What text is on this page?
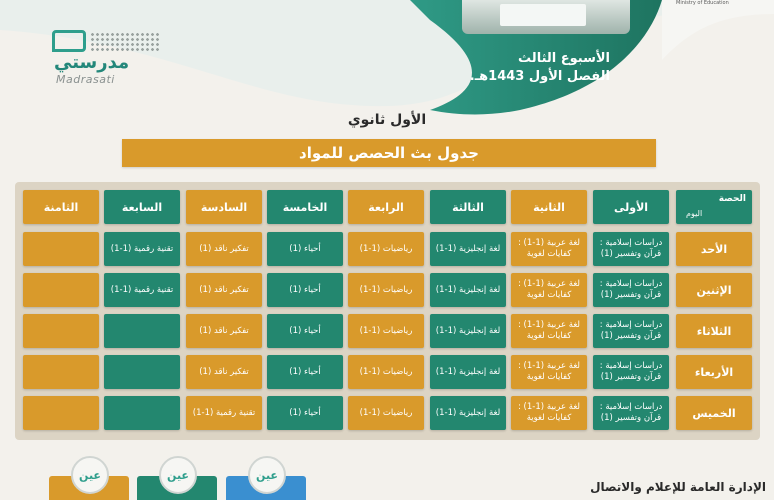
Ministry of Education
الأسبوع الثالث
الفصل الأول 1443هـ.
مدرستي
Madrasati
الأول ثانوي
جدول بث الحصص للمواد
الحصة
اليوم
الأولى
الثانية
الثالثة
الرابعة
الخامسة
السادسة
السابعة
الثامنة
الأحد
دراسات إسلامية : قرآن وتفسير (1)
لغة عربية (1-1) : كفايات لغوية
لغة إنجليزية (1-1)
رياضيات (1-1)
أحياء (1)
تفكير ناقد (1)
تقنية رقمية (1-1)
الإثنين
دراسات إسلامية : قرآن وتفسير (1)
لغة عربية (1-1) : كفايات لغوية
لغة إنجليزية (1-1)
رياضيات (1-1)
أحياء (1)
تفكير ناقد (1)
تقنية رقمية (1-1)
الثلاثاء
دراسات إسلامية : قرآن وتفسير (1)
لغة عربية (1-1) : كفايات لغوية
لغة إنجليزية (1-1)
رياضيات (1-1)
أحياء (1)
تفكير ناقد (1)
الأربعاء
دراسات إسلامية : قرآن وتفسير (1)
لغة عربية (1-1) : كفايات لغوية
لغة إنجليزية (1-1)
رياضيات (1-1)
أحياء (1)
تفكير ناقد (1)
الخميس
دراسات إسلامية : قرآن وتفسير (1)
لغة عربية (1-1) : كفايات لغوية
لغة إنجليزية (1-1)
رياضيات (1-1)
أحياء (1)
تقنية رقمية (1-1)
عين	عين	عين
الإدارة العامة للإعلام والاتصال
